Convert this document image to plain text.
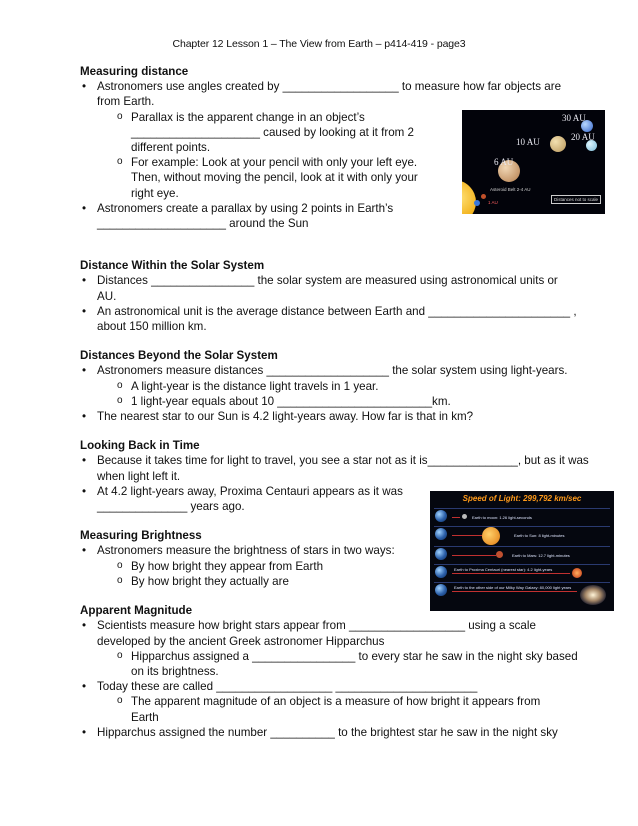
Chapter 12 Lesson 1 – The View from Earth – p414-419 - page3

Measuring distance

• Astronomers use angles created by __________________ to measure how far objects are from Earth.

o Parallax is the apparent change in an object’s ____________________ caused by looking at it from 2 different points.

o For example: Look at your pencil with only your left eye. Then, without moving the pencil, look at it with only your right eye.

• Astronomers create a parallax by using 2 points in Earth’s ____________________ around the Sun

Distance Within the Solar System

• Distances ________________ the solar system are measured using astronomical units or AU.

• An astronomical unit is the average distance between Earth and ______________________ , about 150 million km.

Distances Beyond the Solar System

• Astronomers measure distances ___________________ the solar system using light-years.

o A light-year is the distance light travels in 1 year.

o 1 light-year equals about 10 ________________________km.

• The nearest star to our Sun is 4.2 light-years away. How far is that in km?

Looking Back in Time

• Because it takes time for light to travel, you see a star not as it is______________, but as it was when light left it.

• At 4.2 light-years away, Proxima Centauri appears as it was ______________ years ago.

Measuring Brightness

• Astronomers measure the brightness of stars in two ways:

o By how bright they appear from Earth

o By how bright they actually are

Apparent Magnitude

• Scientists measure how bright stars appear from __________________ using a scale developed by the ancient Greek astronomer Hipparchus

o Hipparchus assigned a ________________ to every star he saw in the night sky based on its brightness.

• Today these are called __________________ ______________________

o The apparent magnitude of an object is a measure of how bright it appears from Earth

• Hipparchus assigned the number __________ to the brightest star he saw in the night sky

30 AU
10 AU	20 AU
6 AU
Asteroid Belt 2-4 AU
1 AU
Distances not to scale
Speed of Light: 299,792 km/sec
Earth to moon: 1.26 light-seconds
Earth to Sun: 8 light-minutes
Earth to Mars: 12.7 light-minutes
Earth to Proxima Centauri (nearest star): 4.2 light-years
Earth to the other side of our Milky Way Galaxy: 80,000 light years
